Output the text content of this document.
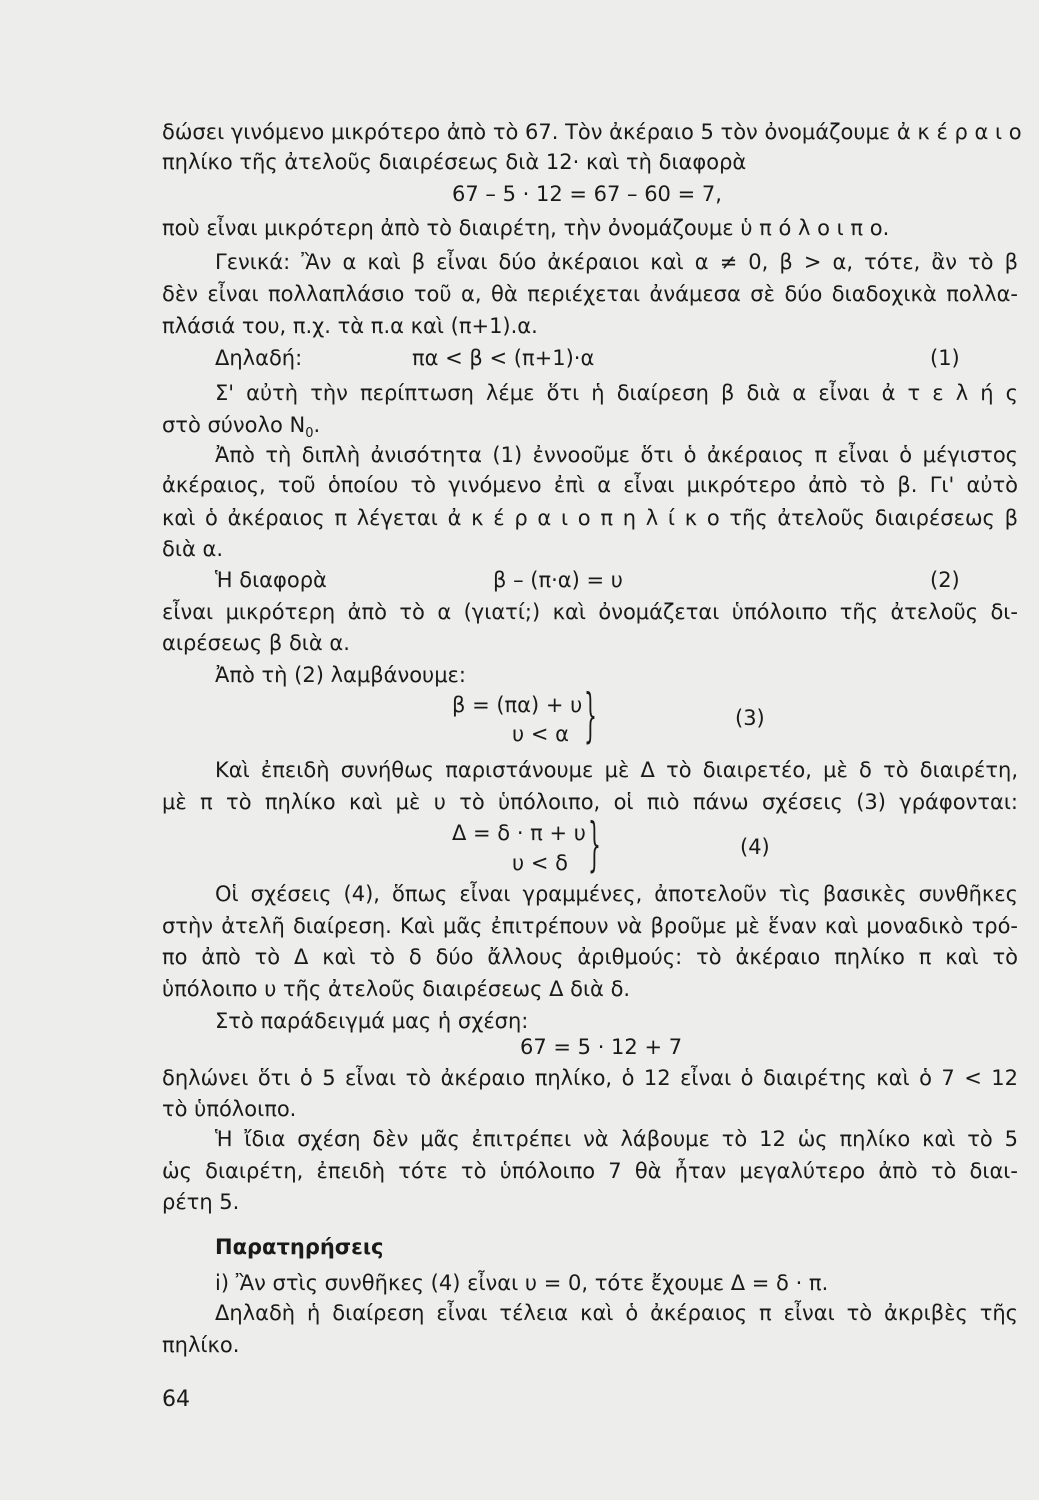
δώσει γινόμενο μικρότερο ἀπὸ τὸ 67. Τὸν ἀκέραιο 5 τὸν ὀνομάζουμε ἀ κ έ ρ α ι ο
πηλίκο τῆς ἀτελοῦς διαιρέσεως διὰ 12· καὶ τὴ διαφορὰ
67 – 5 · 12 = 67 – 60 = 7,
ποὺ εἶναι μικρότερη ἀπὸ τὸ διαιρέτη, τὴν ὀνομάζουμε ὑ π ό λ ο ι π ο.
Γενικά: Ἂν α καὶ β εἶναι δύο ἀκέραιοι καὶ α ≠ 0, β > α, τότε, ἂν τὸ β
δὲν εἶναι πολλαπλάσιο τοῦ α, θὰ περιέχεται ἀνάμεσα σὲ δύο διαδοχικὰ πολλα-
πλάσιά του, π.χ. τὰ π.α καὶ (π+1).α.
Δηλαδή:	πα < β < (π+1)·α	(1)
Σ' αὐτὴ τὴν περίπτωση λέμε ὅτι ἡ διαίρεση β διὰ α εἶναι ἀ τ ε λ ή ς
στὸ σύνολο $N_0$.
Ἀπὸ τὴ διπλὴ ἀνισότητα (1) ἐννοοῦμε ὅτι ὁ ἀκέραιος π εἶναι ὁ μέγιστος
ἀκέραιος, τοῦ ὁποίου τὸ γινόμενο ἐπὶ α εἶναι μικρότερο ἀπὸ τὸ β. Γι' αὐτὸ
καὶ ὁ ἀκέραιος π λέγεται ἀ κ έ ρ α ι ο π η λ ί κ ο τῆς ἀτελοῦς διαιρέσεως β
διὰ α.
Ἡ διαφορὰ	β – (π·α) = υ	(2)
εἶναι μικρότερη ἀπὸ τὸ α (γιατί;) καὶ ὀνομάζεται ὑπόλοιπο τῆς ἀτελοῦς δι-
αιρέσεως β διὰ α.
Ἀπὸ τὴ (2) λαμβάνουμε:
β = (πα) + υ
υ < α }	(3)
Καὶ ἐπειδὴ συνήθως παριστάνουμε μὲ Δ τὸ διαιρετέο, μὲ δ τὸ διαιρέτη,
μὲ π τὸ πηλίκο καὶ μὲ υ τὸ ὑπόλοιπο, οἱ πιὸ πάνω σχέσεις (3) γράφονται:
Δ = δ · π + υ
υ < δ }	(4)
Οἱ σχέσεις (4), ὅπως εἶναι γραμμένες, ἀποτελοῦν τὶς βασικὲς συνθῆκες
στὴν ἀτελῆ διαίρεση. Καὶ μᾶς ἐπιτρέπουν νὰ βροῦμε μὲ ἕναν καὶ μοναδικὸ τρό-
πο ἀπὸ τὸ Δ καὶ τὸ δ δύο ἄλλους ἀριθμούς: τὸ ἀκέραιο πηλίκο π καὶ τὸ
ὑπόλοιπο υ τῆς ἀτελοῦς διαιρέσεως Δ διὰ δ.
Στὸ παράδειγμά μας ἡ σχέση:
67 = 5 · 12 + 7
δηλώνει ὅτι ὁ 5 εἶναι τὸ ἀκέραιο πηλίκο, ὁ 12 εἶναι ὁ διαιρέτης καὶ ὁ 7 < 12
τὸ ὑπόλοιπο.
Ἡ ἴδια σχέση δὲν μᾶς ἐπιτρέπει νὰ λάβουμε τὸ 12 ὡς πηλίκο καὶ τὸ 5
ὡς διαιρέτη, ἐπειδὴ τότε τὸ ὑπόλοιπο 7 θὰ ἦταν μεγαλύτερο ἀπὸ τὸ διαι-
ρέτη 5.
Παρατηρήσεις
i) Ἂν στὶς συνθῆκες (4) εἶναι υ = 0, τότε ἔχουμε Δ = δ · π.
Δηλαδὴ ἡ διαίρεση εἶναι τέλεια καὶ ὁ ἀκέραιος π εἶναι τὸ ἀκριβὲς τῆς
πηλίκο.
64
